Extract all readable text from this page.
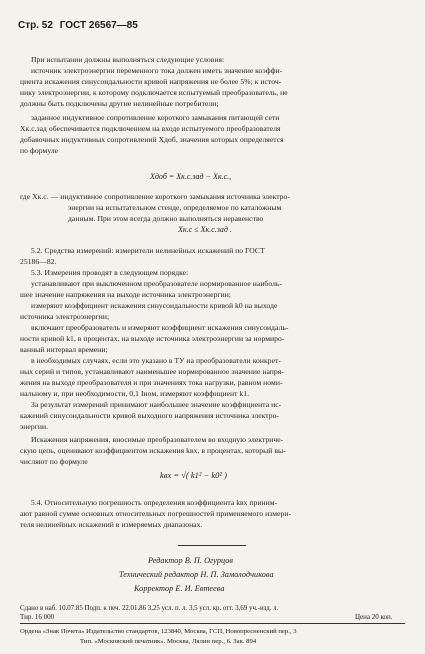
Стр. 52 ГОСТ 26567—85
При испытании должны выполняться следующие условия:
источник электроэнергии переменного тока должен иметь значение коэффи-
циента искажения синусоидальности кривой напряжения не более 5%; к источ-
нику электроэнергии, к которому подключается испытуемый преобразователь, не
должны быть подключены другие нелинейные потребители;
заданное индуктивное сопротивление короткого замыкания питающей сети
Xк.с.зад обеспечивается подключением на входе испытуемого преобразователя
добавочных индуктивных сопротивлений Xдоб, значения которых определяется
по формуле
Xдоб = Xк.с.зад − Xк.с.,
где Xк.с. — индуктивное сопротивление короткого замыкания источника электро-
энергии на испытательном стенде, определяемое по каталожным
данным. При этом всегда должно выполняться неравенство
Xк.с ≤ Xк.с.зад .
5.2. Средства измерений: измерители нелинейных искажений по ГОСТ
25186—82.
5.3. Измерения проводят в следующем порядке:
устанавливают при выключенном преобразователе нормированное наиболь-
шее значение напряжения на выходе источника электроэнергии;
измеряют коэффициент искажения синусоидальности кривой k0 на выходе
источника электроэнергии;
включают преобразователь и измеряют коэффициент искажения синусоидаль-
ности кривой k1, в процентах, на выходе источника электроэнергии за нормиро-
ванный интервал времени;
в необходимых случаях, если это указано в ТУ на преобразователи конкрет-
ных серий и типов, устанавливают наименьшее нормированное значение напря-
жения на выходе преобразователя и при значениях тока нагрузки, равном номи-
нальному и, при необходимости, 0,1 Iном, измеряют коэффициент k1.
За результат измерений принимают наибольшее значение коэффициента ис-
кажений синусоидальности кривой выходного напряжения источника электро-
энергии.
Искажения напряжения, вносимые преобразователем во входную электриче-
скую цепь, оценивают коэффициентом искажения kвх, в процентах, который вы-
числяют по формуле
kвх = √( k1² − k0² )
5.4. Относительную погрешность определения коэффициента kвх приним-
ают равной сумме основных относительных погрешностей применяемого измери-
теля нелинейных искажений в измеряемых диапазонах.
Редактор В. П. Огурцов
Технический редактор Н. П. Замолодчикова
Корректор Е. И. Евтеева
Сдано в наб. 10.07.85 Подп. к печ. 22.01.86 3,25 усл. п. л. 3,5 усл. кр. отт. 3,69 уч.-изд. л.
Тир. 16 000	Цена 20 коп.
Ордена «Знак Почета» Издательство стандартов, 123840, Москва, ГСП, Новопресненский пер., 3
Тип. «Московский печатник». Москва, Лялин пер., 6. Зак. 894
